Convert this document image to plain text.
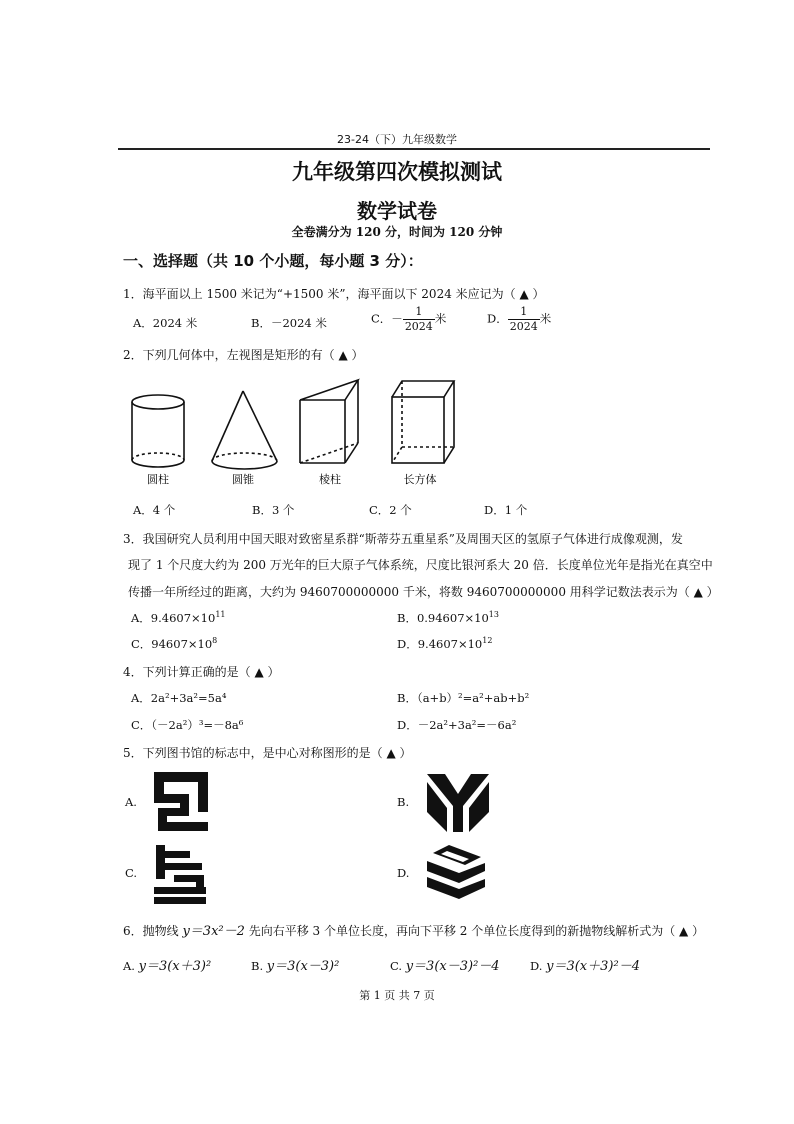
23-24（下）九年级数学
九年级第四次模拟测试
数学试卷
全卷满分为 120 分，时间为 120 分钟
一、选择题（共 10 个小题，每小题 3 分）：
1．海平面以上 1500 米记为“+1500 米”，海平面以下 2024 米应记为（ ▲ ）
A．2024 米	B．－2024 米	C．－ $\frac{1}{2024}$ 米	D． $\frac{1}{2024}$ 米
2．下列几何体中，左视图是矩形的有（ ▲ ）
圆柱	圆锥	棱柱	长方体
A．4 个	B．3 个	C．2 个	D．1 个
3．我国研究人员利用中国天眼对致密星系群“斯蒂芬五重星系”及周围天区的氢原子气体进行成像观测，发
现了 1 个尺度大约为 200 万光年的巨大原子气体系统，尺度比银河系大 20 倍．长度单位光年是指光在真空中
传播一年所经过的距离，大约为 9460700000000 千米，将数 9460700000000 用科学记数法表示为（ ▲ ）
A．$9.4607\times 10^{11}$	B．$0.94607\times 10^{13}$
C．$94607\times 10^8$	D．$9.4607\times 10^{12}$
4．下列计算正确的是（ ▲ ）
A．2a²+3a²=5a⁴	B．（a+b）²=a²+ab+b²
C．（－2a²）³=－8a⁶	D．－2a²+3a²=－6a²
5．下列图书馆的标志中，是中心对称图形的是（ ▲ ）
A.	B.
C.	D.
6．抛物线 y＝3x²－2 先向右平移 3 个单位长度，再向下平移 2 个单位长度得到的新抛物线解析式为（ ▲ ）
A. y＝3(x＋3)²	B. y＝3(x－3)²	C. y＝3(x－3)²－4	D. y＝3(x＋3)²－4
第 1 页 共 7 页
